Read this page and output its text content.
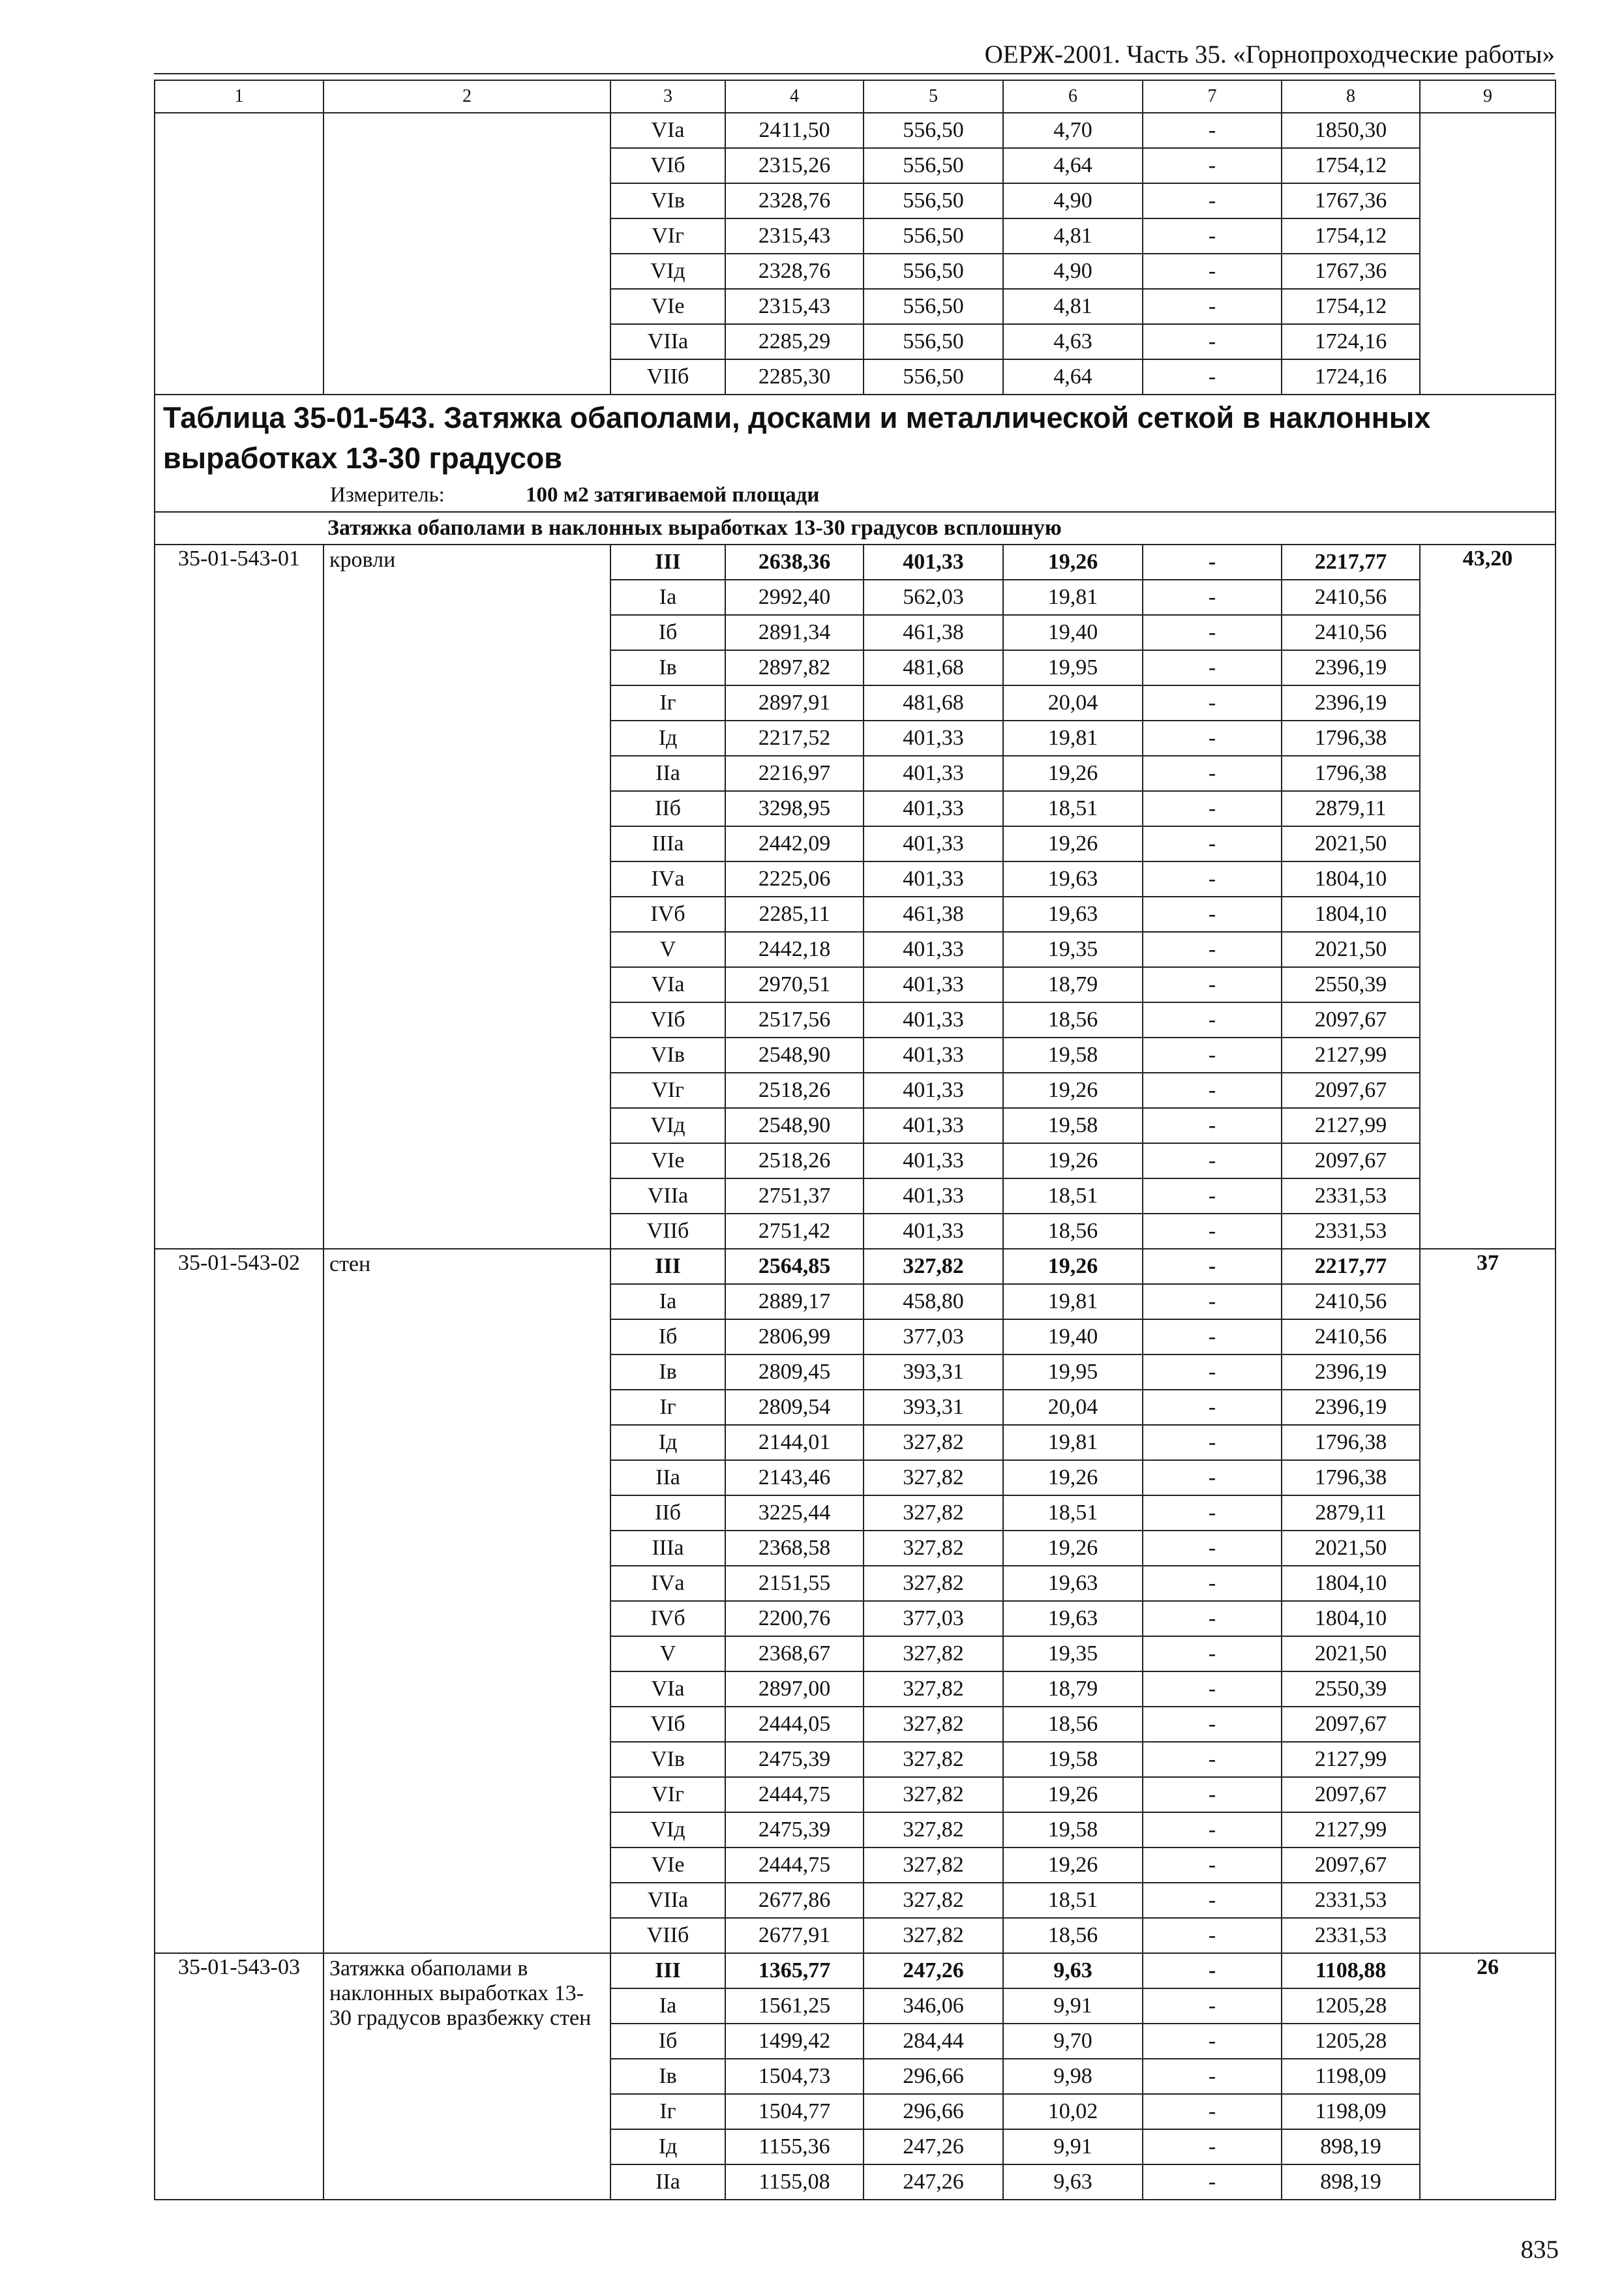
ОЕРЖ-2001. Часть 35. «Горнопроходческие работы»
1	2	3	4	5	6	7	8	9
		VIа	2411,50	556,50	4,70	-	1850,30	
		VIб	2315,26	556,50	4,64	-	1754,12	
		VIв	2328,76	556,50	4,90	-	1767,36	
		VIг	2315,43	556,50	4,81	-	1754,12	
		VIд	2328,76	556,50	4,90	-	1767,36	
		VIе	2315,43	556,50	4,81	-	1754,12	
		VIIа	2285,29	556,50	4,63	-	1724,16	
		VIIб	2285,30	556,50	4,64	-	1724,16	

Таблица 35-01-543. Затяжка обаполами, досками и металлической сеткой в наклонных выработках 13-30 градусов
Измеритель: 100 м2 затягиваемой площади								

Затяжка обаполами в наклонных выработках 13-30 градусов всплошную								
35-01-543-01	кровли	III	2638,36	401,33	19,26	-	2217,77	43,20
		Iа	2992,40	562,03	19,81	-	2410,56	
		Iб	2891,34	461,38	19,40	-	2410,56	
		Iв	2897,82	481,68	19,95	-	2396,19	
		Iг	2897,91	481,68	20,04	-	2396,19	
		Iд	2217,52	401,33	19,81	-	1796,38	
		IIа	2216,97	401,33	19,26	-	1796,38	
		IIб	3298,95	401,33	18,51	-	2879,11	
		IIIа	2442,09	401,33	19,26	-	2021,50	
		IVа	2225,06	401,33	19,63	-	1804,10	
		IVб	2285,11	461,38	19,63	-	1804,10	
		V	2442,18	401,33	19,35	-	2021,50	
		VIа	2970,51	401,33	18,79	-	2550,39	
		VIб	2517,56	401,33	18,56	-	2097,67	
		VIв	2548,90	401,33	19,58	-	2127,99	
		VIг	2518,26	401,33	19,26	-	2097,67	
		VIд	2548,90	401,33	19,58	-	2127,99	
		VIе	2518,26	401,33	19,26	-	2097,67	
		VIIа	2751,37	401,33	18,51	-	2331,53	
		VIIб	2751,42	401,33	18,56	-	2331,53	
35-01-543-02	стен	III	2564,85	327,82	19,26	-	2217,77	37
		Iа	2889,17	458,80	19,81	-	2410,56	
		Iб	2806,99	377,03	19,40	-	2410,56	
		Iв	2809,45	393,31	19,95	-	2396,19	
		Iг	2809,54	393,31	20,04	-	2396,19	
		Iд	2144,01	327,82	19,81	-	1796,38	
		IIа	2143,46	327,82	19,26	-	1796,38	
		IIб	3225,44	327,82	18,51	-	2879,11	
		IIIа	2368,58	327,82	19,26	-	2021,50	
		IVа	2151,55	327,82	19,63	-	1804,10	
		IVб	2200,76	377,03	19,63	-	1804,10	
		V	2368,67	327,82	19,35	-	2021,50	
		VIа	2897,00	327,82	18,79	-	2550,39	
		VIб	2444,05	327,82	18,56	-	2097,67	
		VIв	2475,39	327,82	19,58	-	2127,99	
		VIг	2444,75	327,82	19,26	-	2097,67	
		VIд	2475,39	327,82	19,58	-	2127,99	
		VIе	2444,75	327,82	19,26	-	2097,67	
		VIIа	2677,86	327,82	18,51	-	2331,53	
		VIIб	2677,91	327,82	18,56	-	2331,53	
35-01-543-03	Затяжка обаполами в наклонных выработках 13-30 градусов вразбежку стен	III	1365,77	247,26	9,63	-	1108,88	26
		Iа	1561,25	346,06	9,91	-	1205,28	
		Iб	1499,42	284,44	9,70	-	1205,28	
		Iв	1504,73	296,66	9,98	-	1198,09	
		Iг	1504,77	296,66	10,02	-	1198,09	
		Iд	1155,36	247,26	9,91	-	898,19	
		IIа	1155,08	247,26	9,63	-	898,19	
835
